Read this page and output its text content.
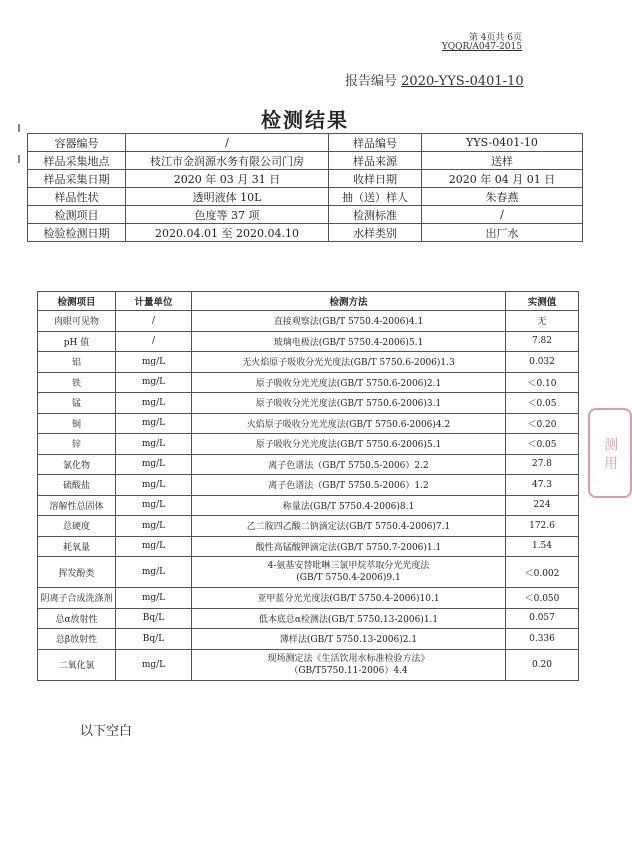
第 4页共 6页
YQQR/A047-2015
报告编号 2020-YYS-0401-10
检测结果
容器编号	/	样品编号	YYS-0401-10
样品采集地点	枝江市金润源水务有限公司门房	样品来源	送样
样品采集日期	2020 年 03 月 31 日	收样日期	2020 年 04 月 01 日
样品性状	透明液体 10L	抽（送）样人	朱春燕
检测项目	色度等 37 项	检测标准	/
检验检测日期	2020.04.01 至 2020.04.10	水样类别	出厂水
检测项目	计量单位	检测方法	实测值
肉眼可见物	/	直接观察法(GB/T 5750.4-2006)4.1	无
pH 值	/	玻璃电极法(GB/T 5750.4-2006)5.1	7.82
铝	mg/L	无火焰原子吸收分光光度法(GB/T 5750.6-2006)1.3	0.032
铁	mg/L	原子吸收分光光度法(GB/T 5750.6-2006)2.1	＜0.10
锰	mg/L	原子吸收分光光度法(GB/T 5750.6-2006)3.1	＜0.05
铜	mg/L	火焰原子吸收分光光度法(GB/T 5750.6-2006)4.2	＜0.20
锌	mg/L	原子吸收分光光度法(GB/T 5750.6-2006)5.1	＜0.05
氯化物	mg/L	离子色谱法（GB/T 5750.5-2006）2.2	27.8
硫酸盐	mg/L	离子色谱法（GB/T 5750.5-2006）1.2	47.3
溶解性总固体	mg/L	称量法(GB/T 5750.4-2006)8.1	224
总硬度	mg/L	乙二胺四乙酸二钠滴定法(GB/T 5750.4-2006)7.1	172.6
耗氧量	mg/L	酸性高锰酸钾滴定法(GB/T 5750.7-2006)1.1	1.54
挥发酚类	mg/L	4-氨基安替吡啉三氯甲烷萃取分光光度法
(GB/T 5750.4-2006)9.1	＜0.002
阴离子合成洗涤剂	mg/L	亚甲蓝分光光度法(GB/T 5750.4-2006)10.1	＜0.050
总α放射性	Bq/L	低本底总α检测法(GB/T 5750.13-2006)1.1	0.057
总β放射性	Bq/L	薄样法(GB/T 5750.13-2006)2.1	0.336
二氧化氯	mg/L	现场测定法《生活饮用水标准检验方法》
（GB/T5750.11-2006）4.4	0.20
以下空白
测 用
